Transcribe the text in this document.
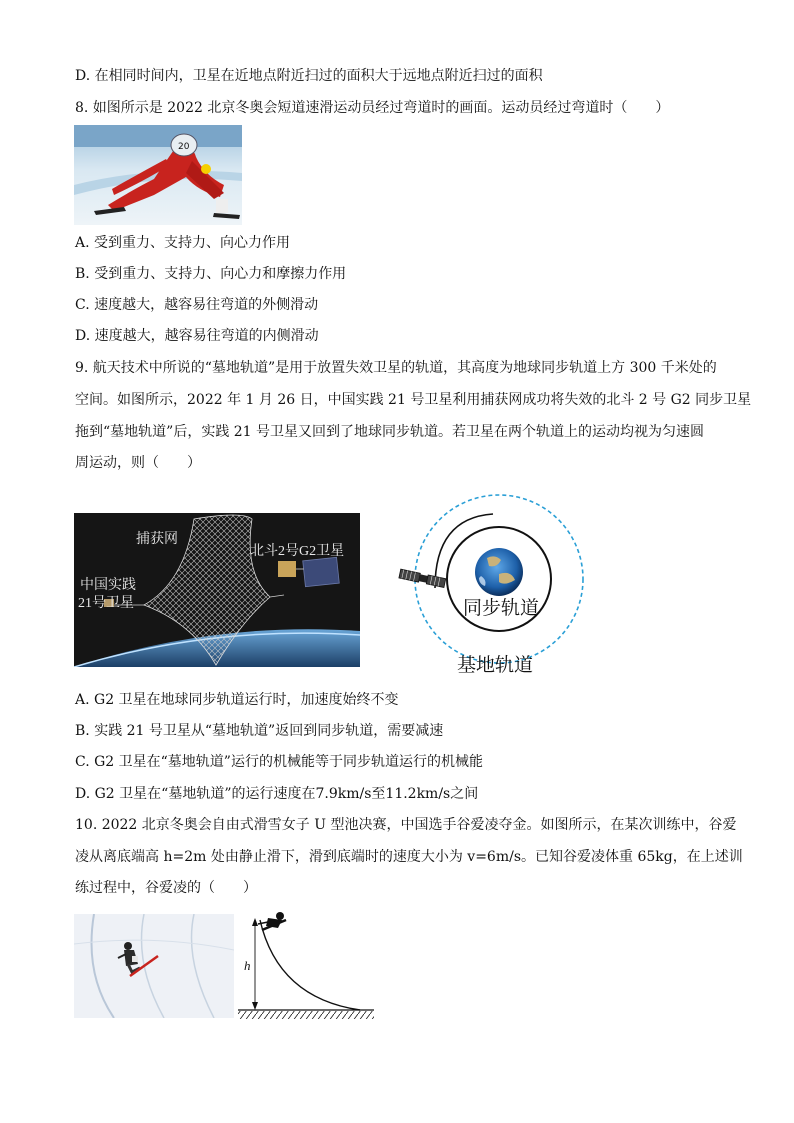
D. 在相同时间内，卫星在近地点附近扫过的面积大于远地点附近扫过的面积
8. 如图所示是 2022 北京冬奥会短道速滑运动员经过弯道时的画面。运动员经过弯道时（　　）
20
A. 受到重力、支持力、向心力作用
B. 受到重力、支持力、向心力和摩擦力作用
C. 速度越大，越容易往弯道的外侧滑动
D. 速度越大，越容易往弯道的内侧滑动
9. 航天技术中所说的“墓地轨道”是用于放置失效卫星的轨道，其高度为地球同步轨道上方 300 千米处的
空间。如图所示，2022 年 1 月 26 日，中国实践 21 号卫星利用捕获网成功将失效的北斗 2 号 G2 同步卫星
拖到“墓地轨道”后，实践 21 号卫星又回到了地球同步轨道。若卫星在两个轨道上的运动均视为匀速圆
周运动，则（　　）
捕获网
北斗2号G2卫星
中国实践
21号卫星	同步轨道
基地轨道
A. G2 卫星在地球同步轨道运行时，加速度始终不变
B. 实践 21 号卫星从“墓地轨道”返回到同步轨道，需要减速
C. G2 卫星在“墓地轨道”运行的机械能等于同步轨道运行的机械能
D. G2 卫星在“墓地轨道”的运行速度在7.9km/s至11.2km/s之间
10. 2022 北京冬奥会自由式滑雪女子 U 型池决赛，中国选手谷爱凌夺金。如图所示，在某次训练中，谷爱
凌从离底端高 h=2m 处由静止滑下，滑到底端时的速度大小为 v=6m/s。已知谷爱凌体重 65kg，在上述训
练过程中，谷爱凌的（　　）
h
